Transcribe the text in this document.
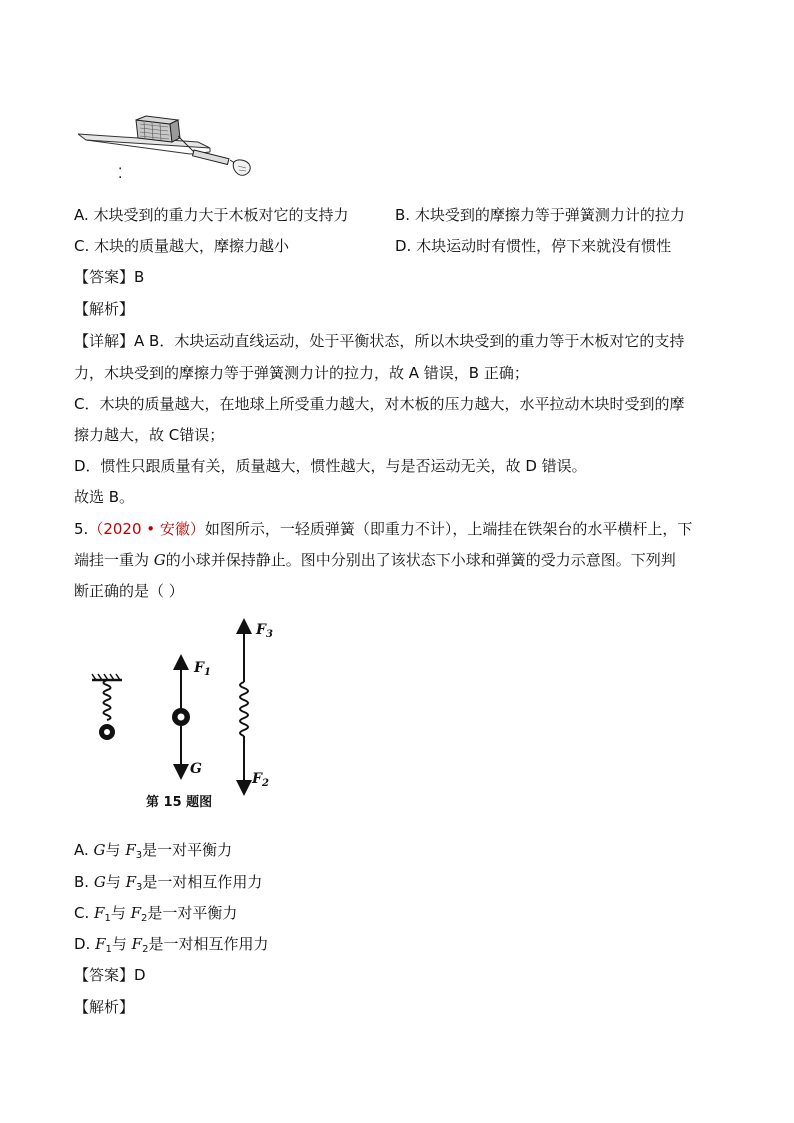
⁚
A. 木块受到的重力大于木板对它的支持力	B. 木块受到的摩擦力等于弹簧测力计的拉力
C. 木块的质量越大，摩擦力越小	D. 木块运动时有惯性，停下来就没有惯性
【答案】B
【解析】
【详解】A B．木块运动直线运动，处于平衡状态，所以木块受到的重力等于木板对它的支持
力，木块受到的摩擦力等于弹簧测力计的拉力，故 A 错误，B 正确；
C．木块的质量越大，在地球上所受重力越大，对木板的压力越大，水平拉动木块时受到的摩
擦力越大，故 C错误；
D．惯性只跟质量有关，质量越大，惯性越大，与是否运动无关，故 D 错误。
故选 B。
5.（2020 • 安徽）如图所示，一轻质弹簧（即重力不计），上端挂在铁架台的水平横杆上，下
端挂一重为 G的小球并保持静止。图中分别出了该状态下小球和弹簧的受力示意图。下列判
断正确的是（ ）
$F_1$
G
$F_3$
$F_2$
第 15 题图
A. G与 $F_3$是一对平衡力
B. G与 $F_3$是一对相互作用力
C. $F_1$与 $F_2$是一对平衡力
D. $F_1$与 $F_2$是一对相互作用力
【答案】D
【解析】
